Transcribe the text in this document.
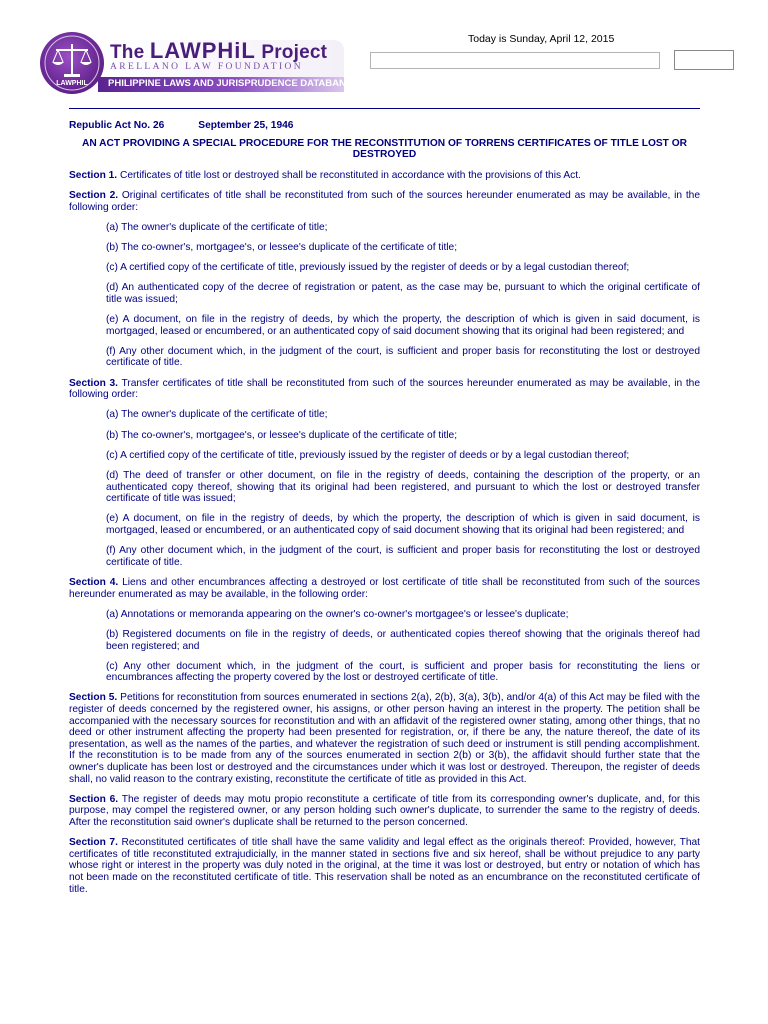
LAWPHIL
The LAWPHiL Project
ARELLANO LAW FOUNDATION
PHILIPPINE LAWS AND JURISPRUDENCE DATABANK
Today is Sunday, April 12, 2015
Republic Act No. 26	September 25, 1946
AN ACT PROVIDING A SPECIAL PROCEDURE FOR THE RECONSTITUTION OF TORRENS CERTIFICATES OF TITLE LOST OR DESTROYED

Section 1. Certificates of title lost or destroyed shall be reconstituted in accordance with the provisions of this Act.

Section 2. Original certificates of title shall be reconstituted from such of the sources hereunder enumerated as may be available, in the following order:

(a) The owner's duplicate of the certificate of title;

(b) The co-owner's, mortgagee's, or lessee's duplicate of the certificate of title;

(c) A certified copy of the certificate of title, previously issued by the register of deeds or by a legal custodian thereof;

(d) An authenticated copy of the decree of registration or patent, as the case may be, pursuant to which the original certificate of title was issued;

(e) A document, on file in the registry of deeds, by which the property, the description of which is given in said document, is mortgaged, leased or encumbered, or an authenticated copy of said document showing that its original had been registered; and

(f) Any other document which, in the judgment of the court, is sufficient and proper basis for reconstituting the lost or destroyed certificate of title.

Section 3. Transfer certificates of title shall be reconstituted from such of the sources hereunder enumerated as may be available, in the following order:

(a) The owner's duplicate of the certificate of title;

(b) The co-owner's, mortgagee's, or lessee's duplicate of the certificate of title;

(c) A certified copy of the certificate of title, previously issued by the register of deeds or by a legal custodian thereof;

(d) The deed of transfer or other document, on file in the registry of deeds, containing the description of the property, or an authenticated copy thereof, showing that its original had been registered, and pursuant to which the lost or destroyed transfer certificate of title was issued;

(e) A document, on file in the registry of deeds, by which the property, the description of which is given in said document, is mortgaged, leased or encumbered, or an authenticated copy of said document showing that its original had been registered; and

(f) Any other document which, in the judgment of the court, is sufficient and proper basis for reconstituting the lost or destroyed certificate of title.

Section 4. Liens and other encumbrances affecting a destroyed or lost certificate of title shall be reconstituted from such of the sources hereunder enumerated as may be available, in the following order:

(a) Annotations or memoranda appearing on the owner's co-owner's mortgagee's or lessee's duplicate;

(b) Registered documents on file in the registry of deeds, or authenticated copies thereof showing that the originals thereof had been registered; and

(c) Any other document which, in the judgment of the court, is sufficient and proper basis for reconstituting the liens or encumbrances affecting the property covered by the lost or destroyed certificate of title.

Section 5. Petitions for reconstitution from sources enumerated in sections 2(a), 2(b), 3(a), 3(b), and/or 4(a) of this Act may be filed with the register of deeds concerned by the registered owner, his assigns, or other person having an interest in the property. The petition shall be accompanied with the necessary sources for reconstitution and with an affidavit of the registered owner stating, among other things, that no deed or other instrument affecting the property had been presented for registration, or, if there be any, the nature thereof, the date of its presentation, as well as the names of the parties, and whatever the registration of such deed or instrument is still pending accomplishment. If the reconstitution is to be made from any of the sources enumerated in section 2(b) or 3(b), the affidavit should further state that the owner's duplicate has been lost or destroyed and the circumstances under which it was lost or destroyed. Thereupon, the register of deeds shall, no valid reason to the contrary existing, reconstitute the certificate of title as provided in this Act.

Section 6. The register of deeds may motu propio reconstitute a certificate of title from its corresponding owner's duplicate, and, for this purpose, may compel the registered owner, or any person holding such owner's duplicate, to surrender the same to the registry of deeds. After the reconstitution said owner's duplicate shall be returned to the person concerned.

Section 7. Reconstituted certificates of title shall have the same validity and legal effect as the originals thereof: Provided, however, That certificates of title reconstituted extrajudicially, in the manner stated in sections five and six hereof, shall be without prejudice to any party whose right or interest in the property was duly noted in the original, at the time it was lost or destroyed, but entry or notation of which has not been made on the reconstituted certificate of title. This reservation shall be noted as an encumbrance on the reconstituted certificate of title.
